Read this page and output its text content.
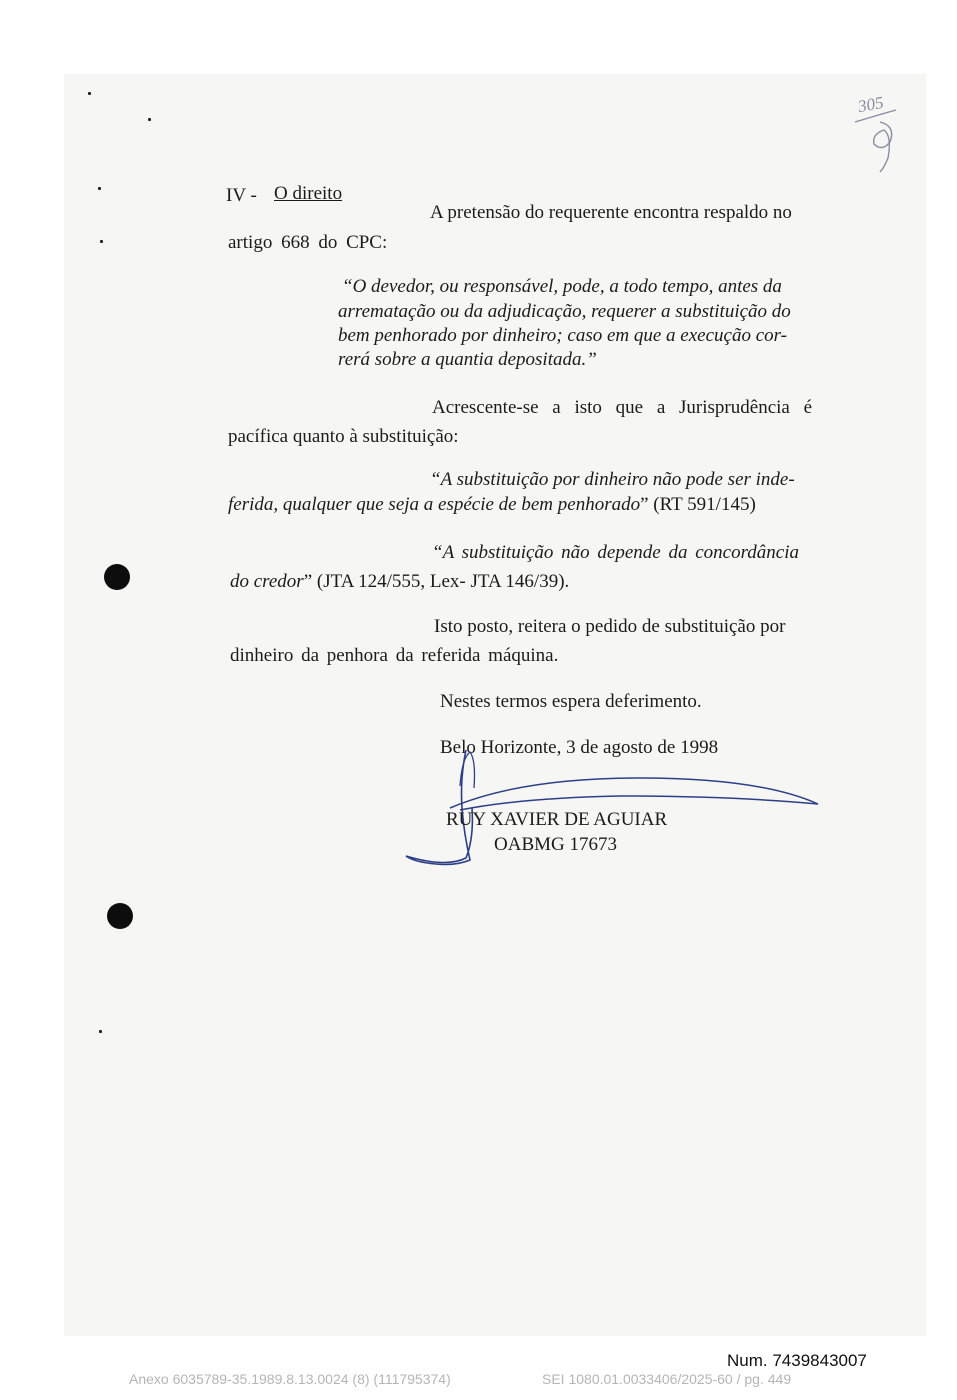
305
IV - O direito
A pretensão do requerente encontra respaldo no
artigo 668 do CPC:
“O devedor, ou responsável, pode, a todo tempo, antes da
arrematação ou da adjudicação, requerer a substituição do
bem penhorado por dinheiro; caso em que a execução cor-
rerá sobre a quantia depositada.”
Acrescente-se a isto que a Jurisprudência é
pacífica quanto à substituição:
“A substituição por dinheiro não pode ser inde-
ferida, qualquer que seja a espécie de bem penhorado” (RT 591/145)
“A substituição não depende da concordância
do credor” (JTA 124/555, Lex- JTA 146/39).
Isto posto, reitera o pedido de substituição por
dinheiro da penhora da referida máquina.
Nestes termos espera deferimento.
Belo Horizonte, 3 de agosto de 1998
RUY XAVIER DE AGUIAR
OABMG 17673
Num. 7439843007
Anexo 6035789-35.1989.8.13.0024 (8) (111795374)	SEI 1080.01.0033406/2025-60 / pg. 449
